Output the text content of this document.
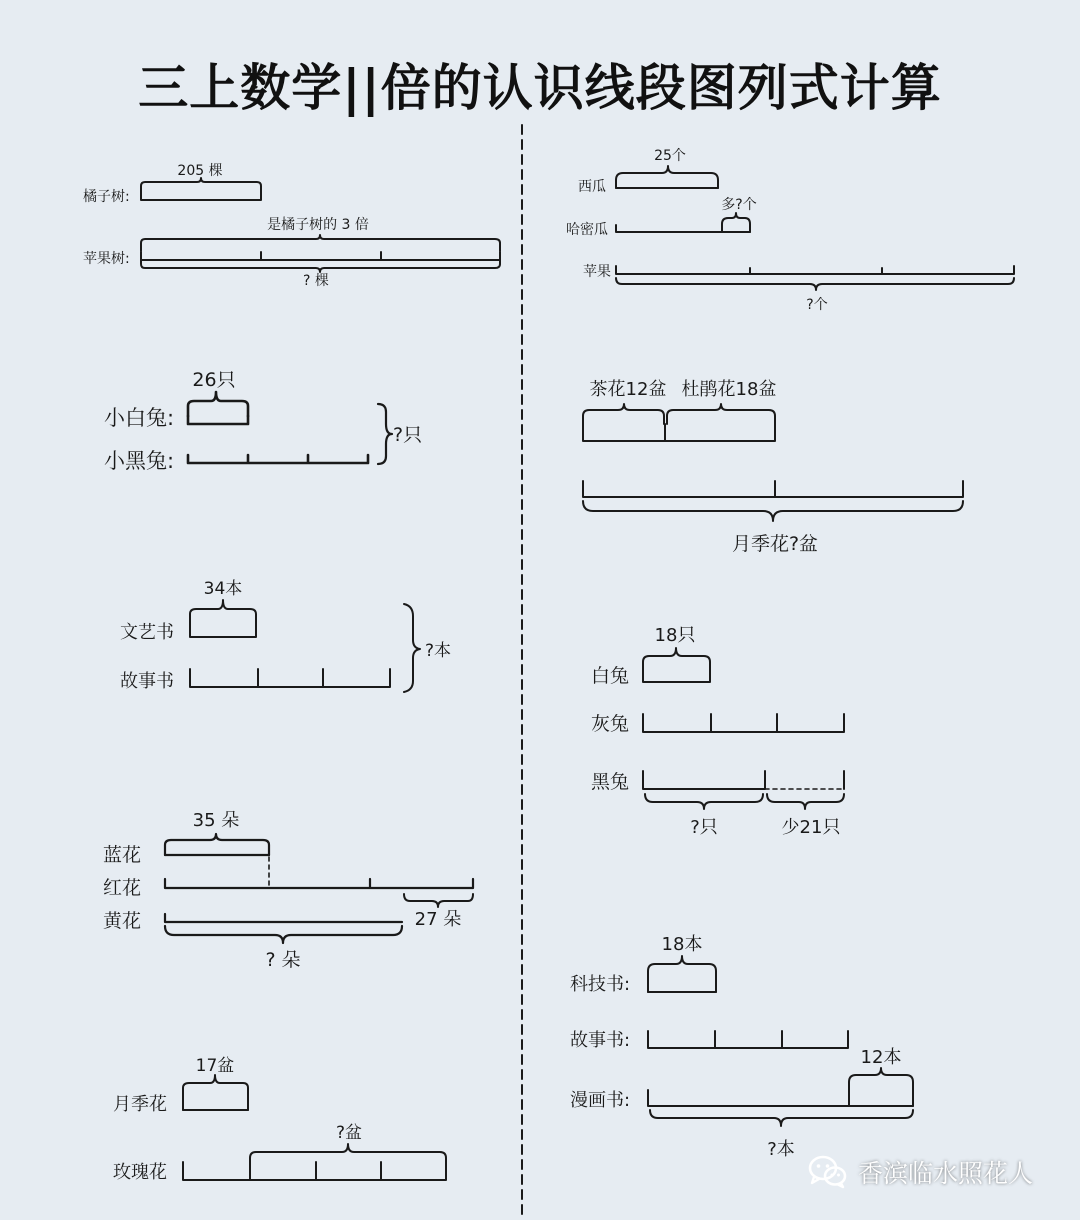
三上数学||倍的认识线段图列式计算
橘子树:
205 棵
是橘子树的 3 倍
苹果树:
? 棵
26只
小白兔:
小黑兔:
?只
34本
文艺书
故事书
?本
35 朵
蓝花
红花
黄花	27 朵
? 朵
17盆
月季花
?盆
玫瑰花
25个
西瓜
多?个
哈密瓜
苹果
?个
茶花12盆 杜鹃花18盆
月季花?盆
18只
白兔
灰兔
黑兔
?只	少21只
18本
科技书:
故事书:
12本
漫画书:
?本
香滨临水照花人
